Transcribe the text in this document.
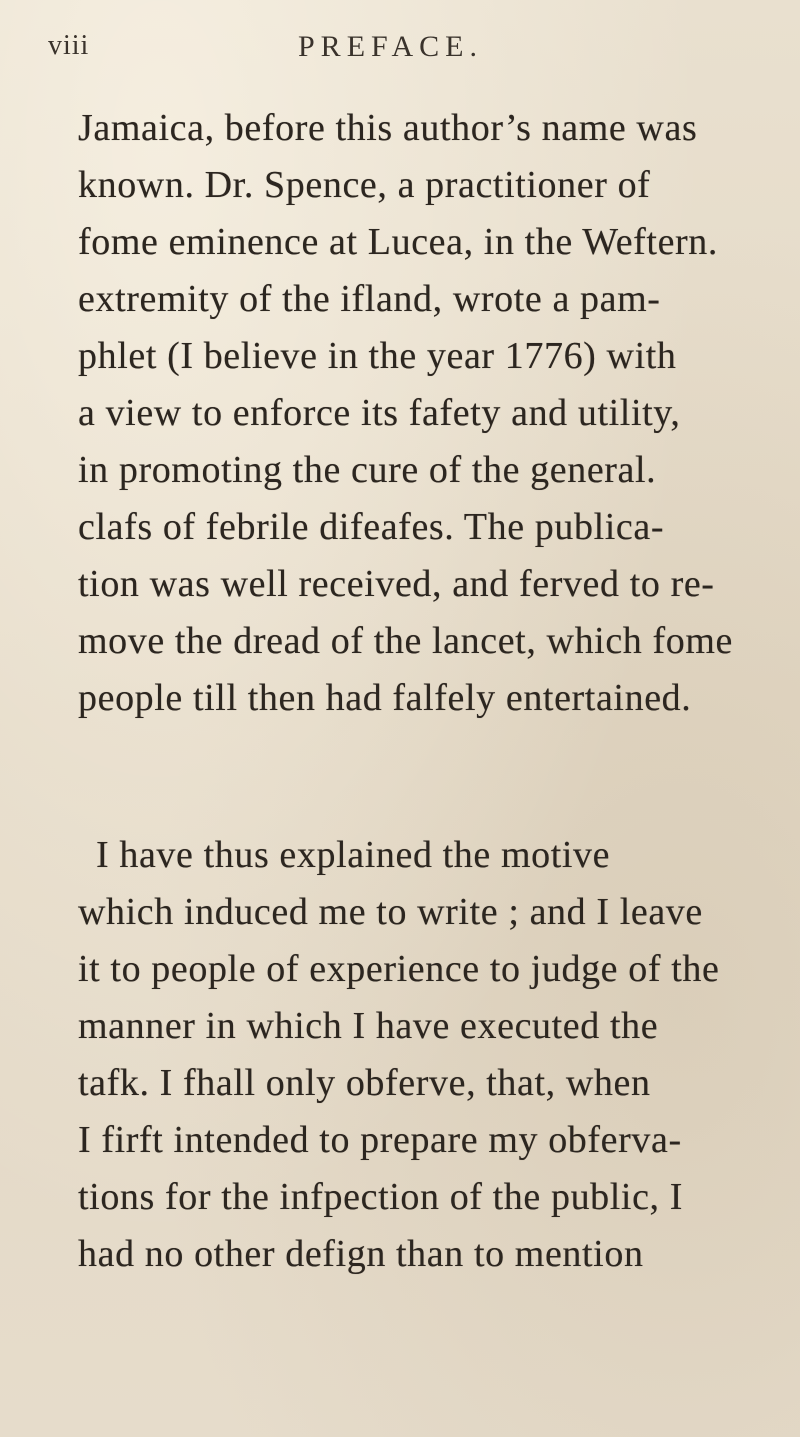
viii	PREFACE.
Jamaica, before this author’s name was
known. Dr. Spence, a practitioner of
fome eminence at Lucea, in the Weftern.
extremity of the ifland, wrote a pam-
phlet (I believe in the year 1776) with
a view to enforce its fafety and utility,
in promoting the cure of the general.
clafs of febrile difeafes. The publica-
tion was well received, and ferved to re-
move the dread of the lancet, which fome
people till then had falfely entertained.
I have thus explained the motive
which induced me to write ; and I leave
it to people of experience to judge of the
manner in which I have executed the
tafk. I fhall only obferve, that, when
I firft intended to prepare my obferva-
tions for the infpection of the public, I
had no other defign than to mention
